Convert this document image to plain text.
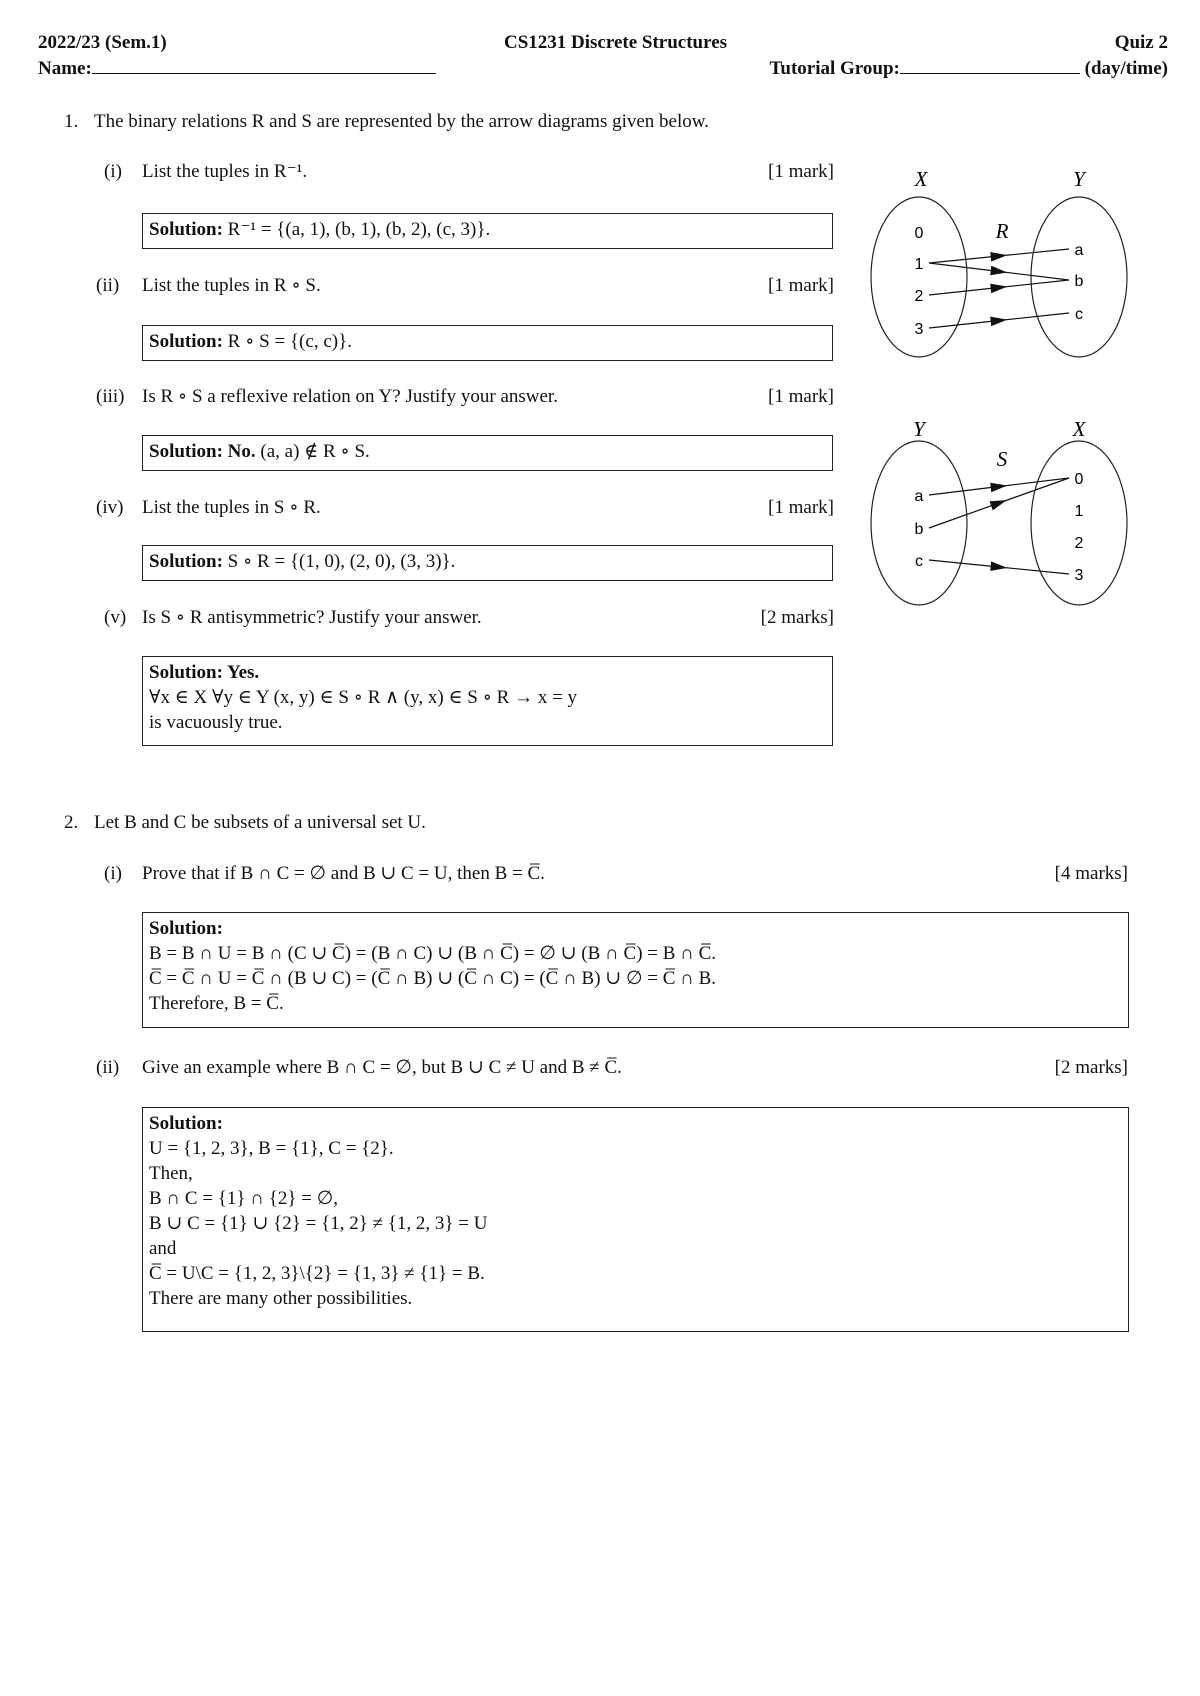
2022/23 (Sem.1)	CS1231 Discrete Structures	Quiz 2
Name:	Tutorial Group:	(day/time)
1. The binary relations R and S are represented by the arrow diagrams given below.
(i) List the tuples in R⁻¹.	[1 mark]
Solution: R⁻¹ = {(a, 1), (b, 1), (b, 2), (c, 3)}.
(ii) List the tuples in R ∘ S.	[1 mark]
Solution: R ∘ S = {(c, c)}.
(iii) Is R ∘ S a reflexive relation on Y? Justify your answer.	[1 mark]
Solution: No. (a, a) ∉ R ∘ S.
(iv) List the tuples in S ∘ R.	[1 mark]
Solution: S ∘ R = {(1, 0), (2, 0), (3, 3)}.
(v) Is S ∘ R antisymmetric? Justify your answer.	[2 marks]
Solution: Yes.
∀x ∈ X ∀y ∈ Y (x, y) ∈ S ∘ R ∧ (y, x) ∈ S ∘ R → x = y
is vacuously true.
2. Let B and C be subsets of a universal set U.
(i) Prove that if B ∩ C = ∅ and B ∪ C = U, then B = C̅.	[4 marks]
Solution:
B = B ∩ U = B ∩ (C ∪ C̅) = (B ∩ C) ∪ (B ∩ C̅) = ∅ ∪ (B ∩ C̅) = B ∩ C̅.
C̅ = C̅ ∩ U = C̅ ∩ (B ∪ C) = (C̅ ∩ B) ∪ (C̅ ∩ C) = (C̅ ∩ B) ∪ ∅ = C̅ ∩ B.
Therefore, B = C̅.
(ii) Give an example where B ∩ C = ∅, but B ∪ C ≠ U and B ≠ C̅.	[2 marks]
Solution:
U = {1, 2, 3}, B = {1}, C = {2}.
Then,
B ∩ C = {1} ∩ {2} = ∅,
B ∪ C = {1} ∪ {2} = {1, 2} ≠ {1, 2, 3} = U
and
C̅ = U\C = {1, 2, 3}\{2} = {1, 3} ≠ {1} = B.
There are many other possibilities.
X	Y
R
0
1
2
3
a
b
c
Y	X
S
a
b
c
0
1
2
3
